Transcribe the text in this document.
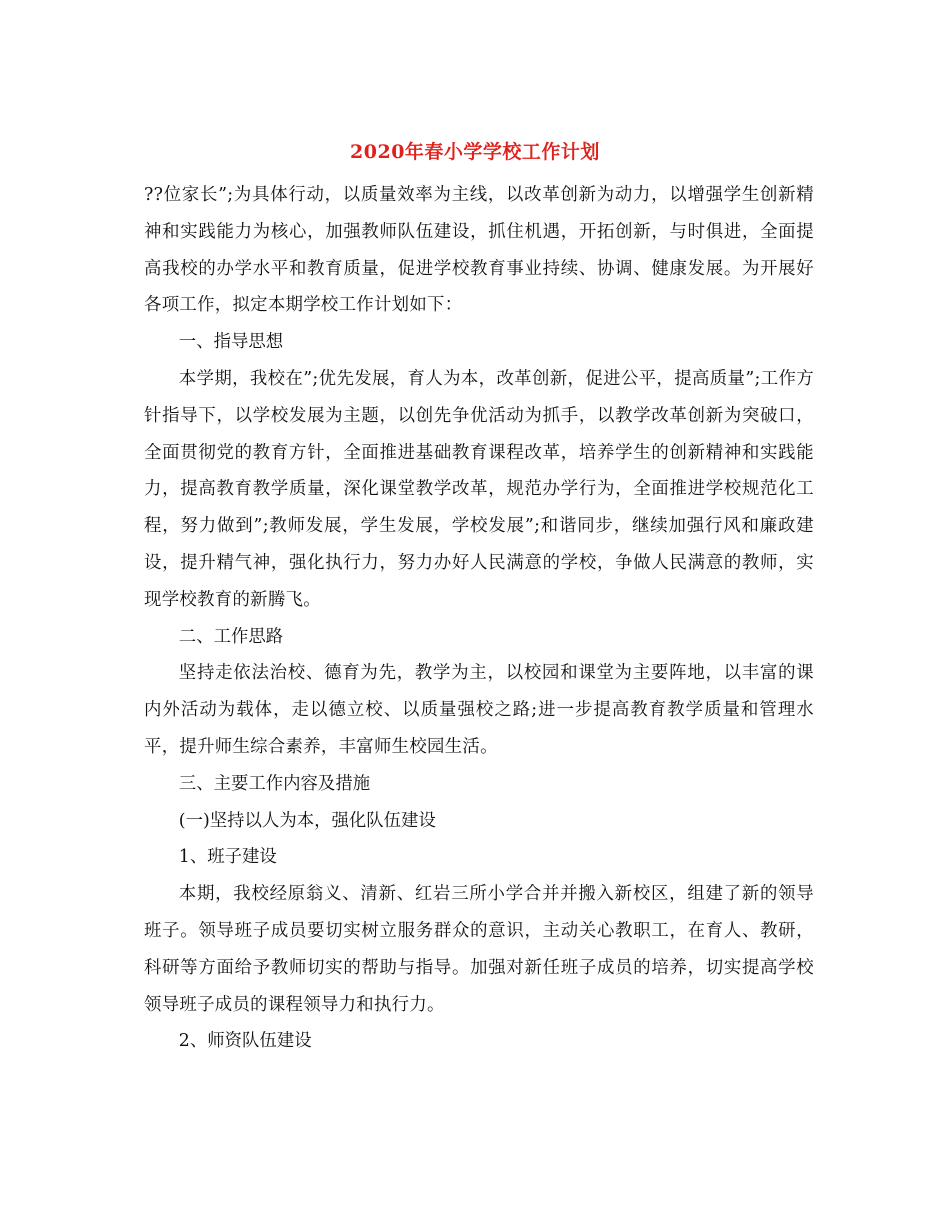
2020年春小学学校工作计划

??位家长”;为具体行动，以质量效率为主线，以改革创新为动力，以增强学生创新精神和实践能力为核心，加强教师队伍建设，抓住机遇，开拓创新，与时俱进，全面提高我校的办学水平和教育质量，促进学校教育事业持续、协调、健康发展。为开展好各项工作，拟定本期学校工作计划如下：

一、指导思想

本学期，我校在”;优先发展，育人为本，改革创新，促进公平，提高质量”;工作方针指导下，以学校发展为主题，以创先争优活动为抓手，以教学改革创新为突破口，全面贯彻党的教育方针，全面推进基础教育课程改革，培养学生的创新精神和实践能力，提高教育教学质量，深化课堂教学改革，规范办学行为，全面推进学校规范化工程，努力做到”;教师发展，学生发展，学校发展”;和谐同步，继续加强行风和廉政建设，提升精气神，强化执行力，努力办好人民满意的学校，争做人民满意的教师，实现学校教育的新腾飞。

二、工作思路

坚持走依法治校、德育为先，教学为主，以校园和课堂为主要阵地，以丰富的课内外活动为载体，走以德立校、以质量强校之路;进一步提高教育教学质量和管理水平，提升师生综合素养，丰富师生校园生活。

三、主要工作内容及措施

(一)坚持以人为本，强化队伍建设

1、班子建设

本期，我校经原翁义、清新、红岩三所小学合并并搬入新校区，组建了新的领导班子。领导班子成员要切实树立服务群众的意识，主动关心教职工，在育人、教研，科研等方面给予教师切实的帮助与指导。加强对新任班子成员的培养，切实提高学校领导班子成员的课程领导力和执行力。

2、师资队伍建设
